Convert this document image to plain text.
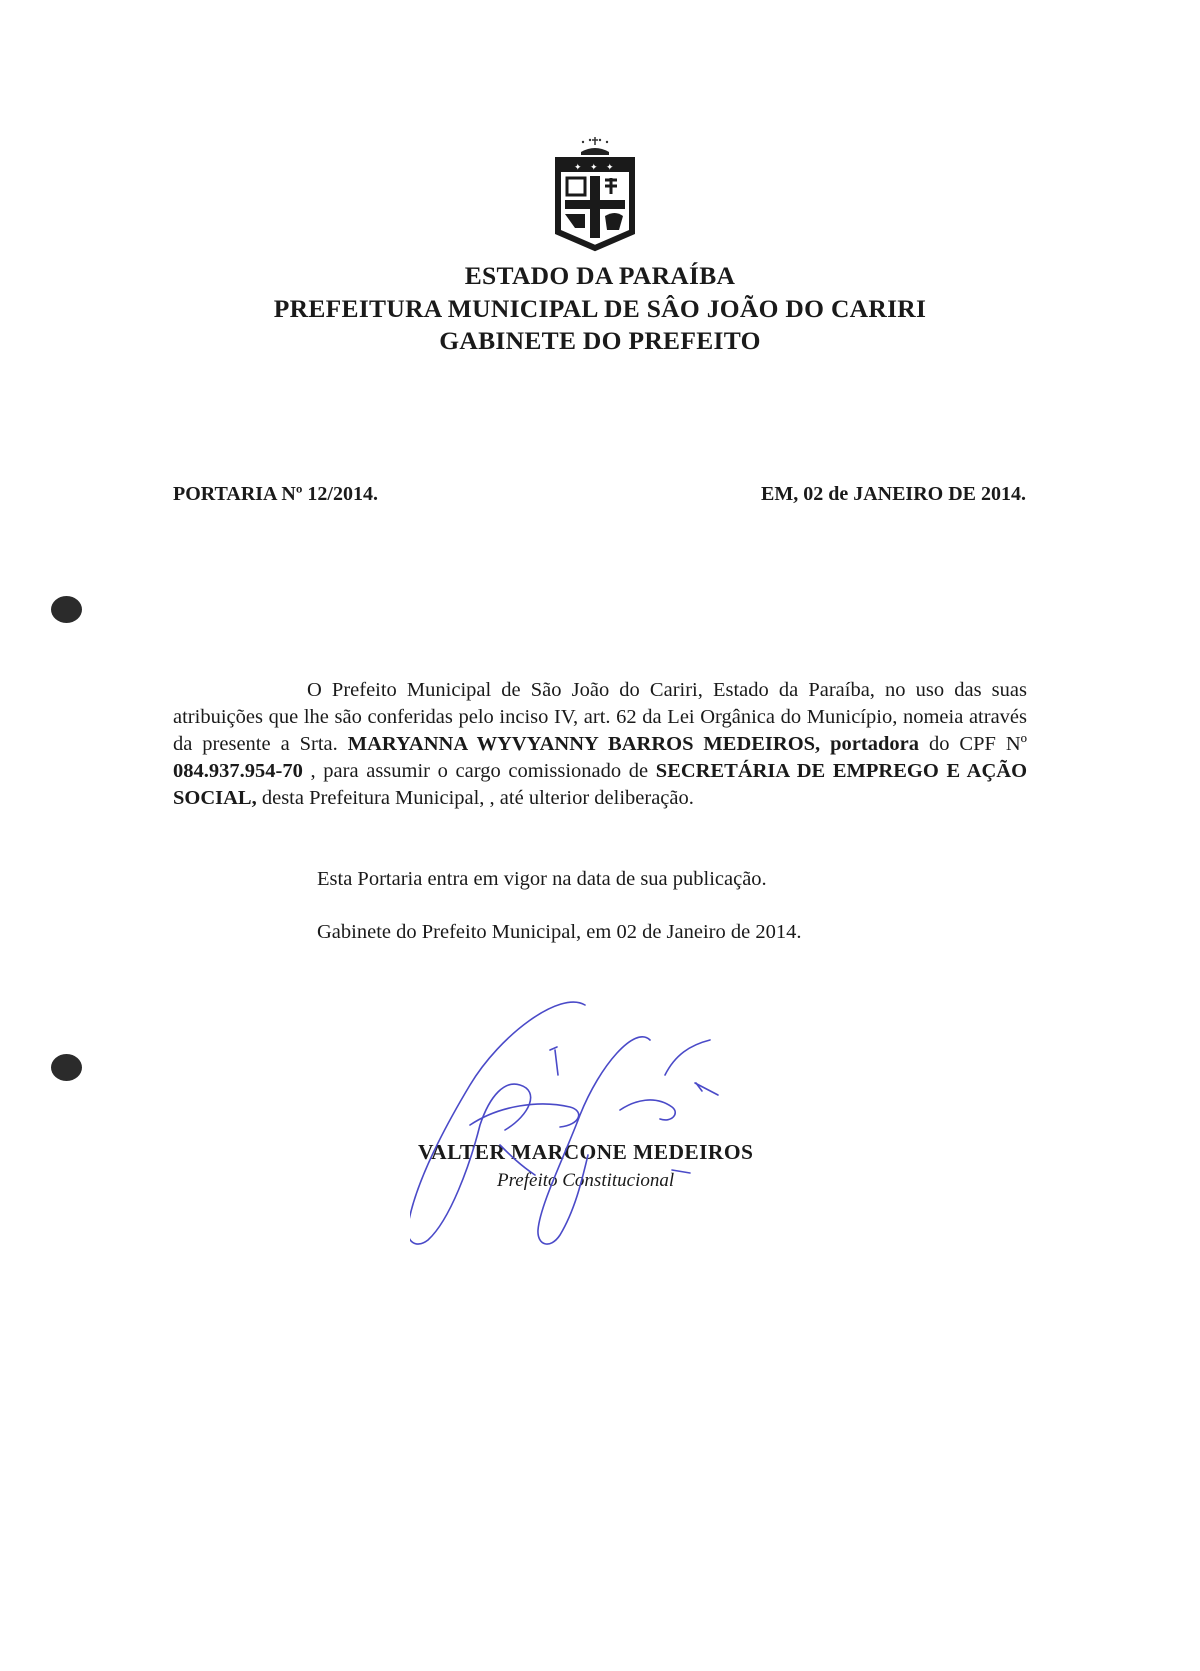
✦ ✦ ✦
ESTADO DA PARAÍBA
PREFEITURA MUNICIPAL DE SÂO JOÃO DO CARIRI
GABINETE DO PREFEITO
PORTARIA Nº 12/2014.	EM, 02 de JANEIRO DE 2014.

O Prefeito Municipal de São João do Cariri, Estado da Paraíba, no uso das suas atribuições que lhe são conferidas pelo inciso IV, art. 62 da Lei Orgânica do Município, nomeia através da presente a Srta. MARYANNA WYVYANNY BARROS MEDEIROS, portadora do CPF Nº 084.937.954-70 , para assumir o cargo comissionado de SECRETÁRIA DE EMPREGO E AÇÃO SOCIAL, desta Prefeitura Municipal, , até ulterior deliberação.

Esta Portaria entra em vigor na data de sua publicação.
Gabinete do Prefeito Municipal, em 02 de Janeiro de 2014.
VALTER MARCONE MEDEIROS
Prefeito Constitucional
